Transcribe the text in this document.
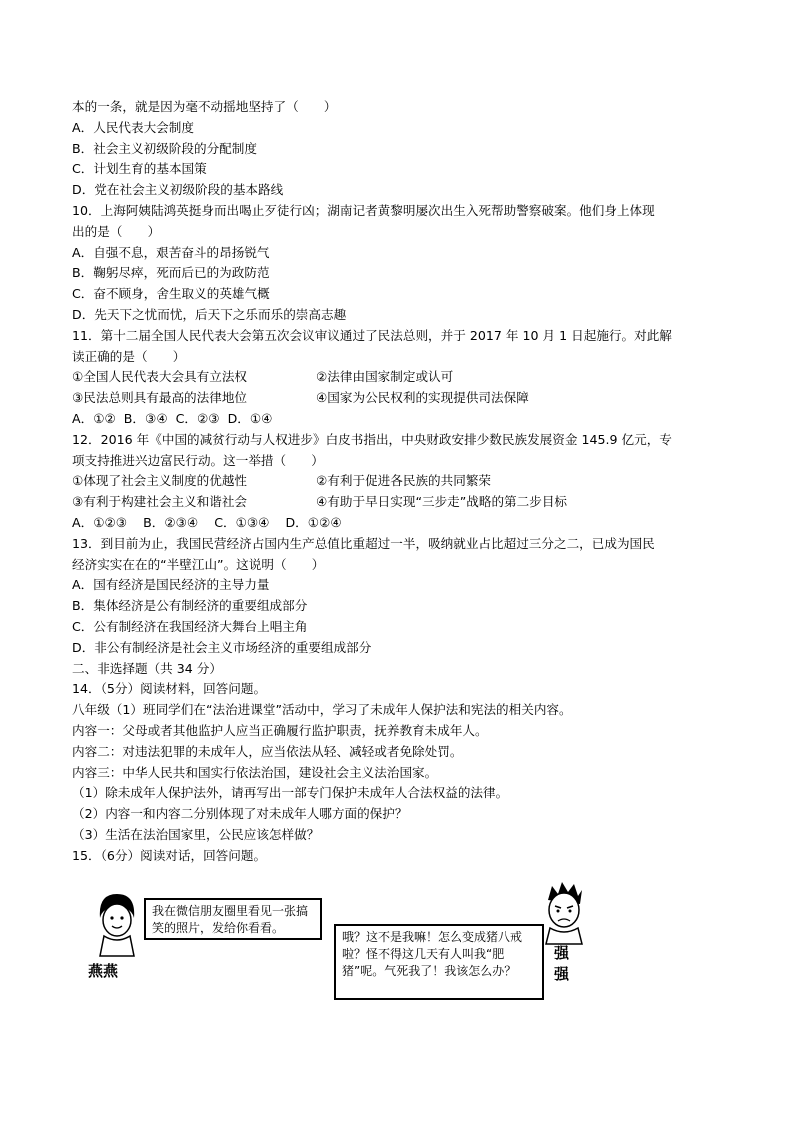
本的一条，就是因为毫不动摇地坚持了（　　）
A．人民代表大会制度
B．社会主义初级阶段的分配制度
C．计划生育的基本国策
D．党在社会主义初级阶段的基本路线
10．上海阿姨陆鸿英挺身而出喝止歹徒行凶；湖南记者黄黎明屡次出生入死帮助警察破案。他们身上体现
出的是（　　）
A．自强不息，艰苦奋斗的昂扬锐气
B．鞠躬尽瘁，死而后已的为政防范
C．奋不顾身，舍生取义的英雄气概
D．先天下之忧而忧，后天下之乐而乐的崇高志趣
11．第十二届全国人民代表大会第五次会议审议通过了民法总则，并于 2017 年 10 月 1 日起施行。对此解
读正确的是（　　）
①全国人民代表大会具有立法权	②法律由国家制定或认可
③民法总则具有最高的法律地位	④国家为公民权利的实现提供司法保障
A．①②  B．③④  C．②③  D．①④
12．2016 年《中国的减贫行动与人权进步》白皮书指出，中央财政安排少数民族发展资金 145.9 亿元，专
项支持推进兴边富民行动。这一举措（　　）
①体现了社会主义制度的优越性	②有利于促进各民族的共同繁荣
③有利于构建社会主义和谐社会	④有助于早日实现“三步走”战略的第二步目标
A．①②③    B．②③④    C．①③④    D．①②④
13．到目前为止，我国民营经济占国内生产总值比重超过一半，吸纳就业占比超过三分之二，已成为国民
经济实实在在的“半壁江山”。这说明（　　）
A．国有经济是国民经济的主导力量
B．集体经济是公有制经济的重要组成部分
C．公有制经济在我国经济大舞台上唱主角
D．非公有制经济是社会主义市场经济的重要组成部分
二、非选择题（共 34 分）
14．（5分）阅读材料，回答问题。
八年级（1）班同学们在“法治进课堂”活动中，学习了未成年人保护法和宪法的相关内容。
内容一：父母或者其他监护人应当正确履行监护职责，抚养教育未成年人。
内容二：对违法犯罪的未成年人，应当依法从轻、减轻或者免除处罚。
内容三：中华人民共和国实行依法治国，建设社会主义法治国家。
（1）除未成年人保护法外，请再写出一部专门保护未成年人合法权益的法律。
（2）内容一和内容二分别体现了对未成年人哪方面的保护？
（3）生活在法治国家里，公民应该怎样做？
15．（6分）阅读对话，回答问题。
燕燕
我在微信朋友圈里看见一张搞笑的照片，发给你看看。
哦？这不是我嘛！怎么变成猪八戒啦？怪不得这几天有人叫我“肥猪”呢。气死我了！我该怎么办？
强强
